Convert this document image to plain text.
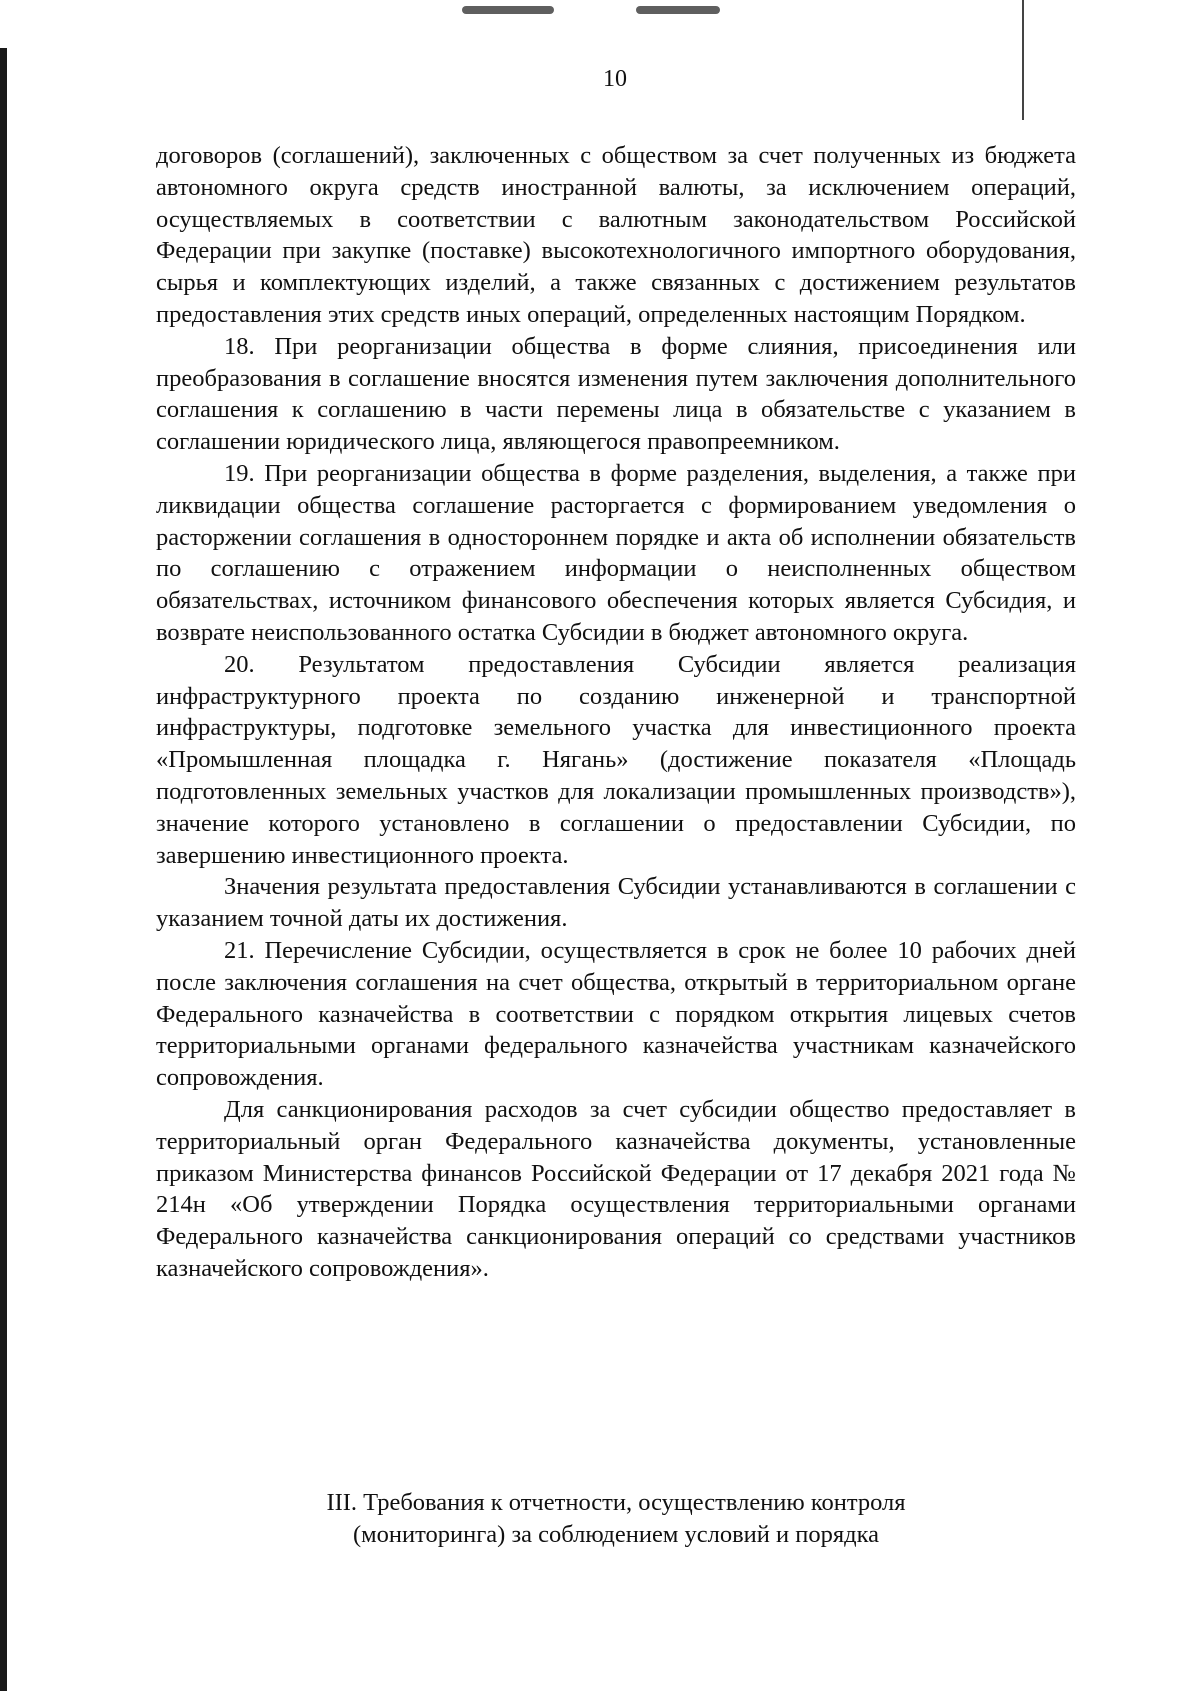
10

договоров (соглашений), заключенных с обществом за счет полученных из бюджета автономного округа средств иностранной валюты, за исключением операций, осуществляемых в соответствии с валютным законодательством Российской Федерации при закупке (поставке) высокотехнологичного импортного оборудования, сырья и комплектующих изделий, а также связанных с достижением результатов предоставления этих средств иных операций, определенных настоящим Порядком.

18. При реорганизации общества в форме слияния, присоединения или преобразования в соглашение вносятся изменения путем заключения дополнительного соглашения к соглашению в части перемены лица в обязательстве с указанием в соглашении юридического лица, являющегося правопреемником.

19. При реорганизации общества в форме разделения, выделения, а также при ликвидации общества соглашение расторгается с формированием уведомления о расторжении соглашения в одностороннем порядке и акта об исполнении обязательств по соглашению с отражением информации о неисполненных обществом обязательствах, источником финансового обеспечения которых является Субсидия, и возврате неиспользованного остатка Субсидии в бюджет автономного округа.

20. Результатом предоставления Субсидии является реализация инфраструктурного проекта по созданию инженерной и транспортной инфраструктуры, подготовке земельного участка для инвестиционного проекта «Промышленная площадка г. Нягань» (достижение показателя «Площадь подготовленных земельных участков для локализации промышленных производств»), значение которого установлено в соглашении о предоставлении Субсидии, по завершению инвестиционного проекта.

Значения результата предоставления Субсидии устанавливаются в соглашении с указанием точной даты их достижения.

21. Перечисление Субсидии, осуществляется в срок не более 10 рабочих дней после заключения соглашения на счет общества, открытый в территориальном органе Федерального казначейства в соответствии с порядком открытия лицевых счетов территориальными органами федерального казначейства участникам казначейского сопровождения.

Для санкционирования расходов за счет субсидии общество предоставляет в территориальный орган Федерального казначейства документы, установленные приказом Министерства финансов Российской Федерации от 17 декабря 2021 года № 214н «Об утверждении Порядка осуществления территориальными органами Федерального казначейства санкционирования операций со средствами участников казначейского сопровождения».

III. Требования к отчетности, осуществлению контроля
(мониторинга) за соблюдением условий и порядка
